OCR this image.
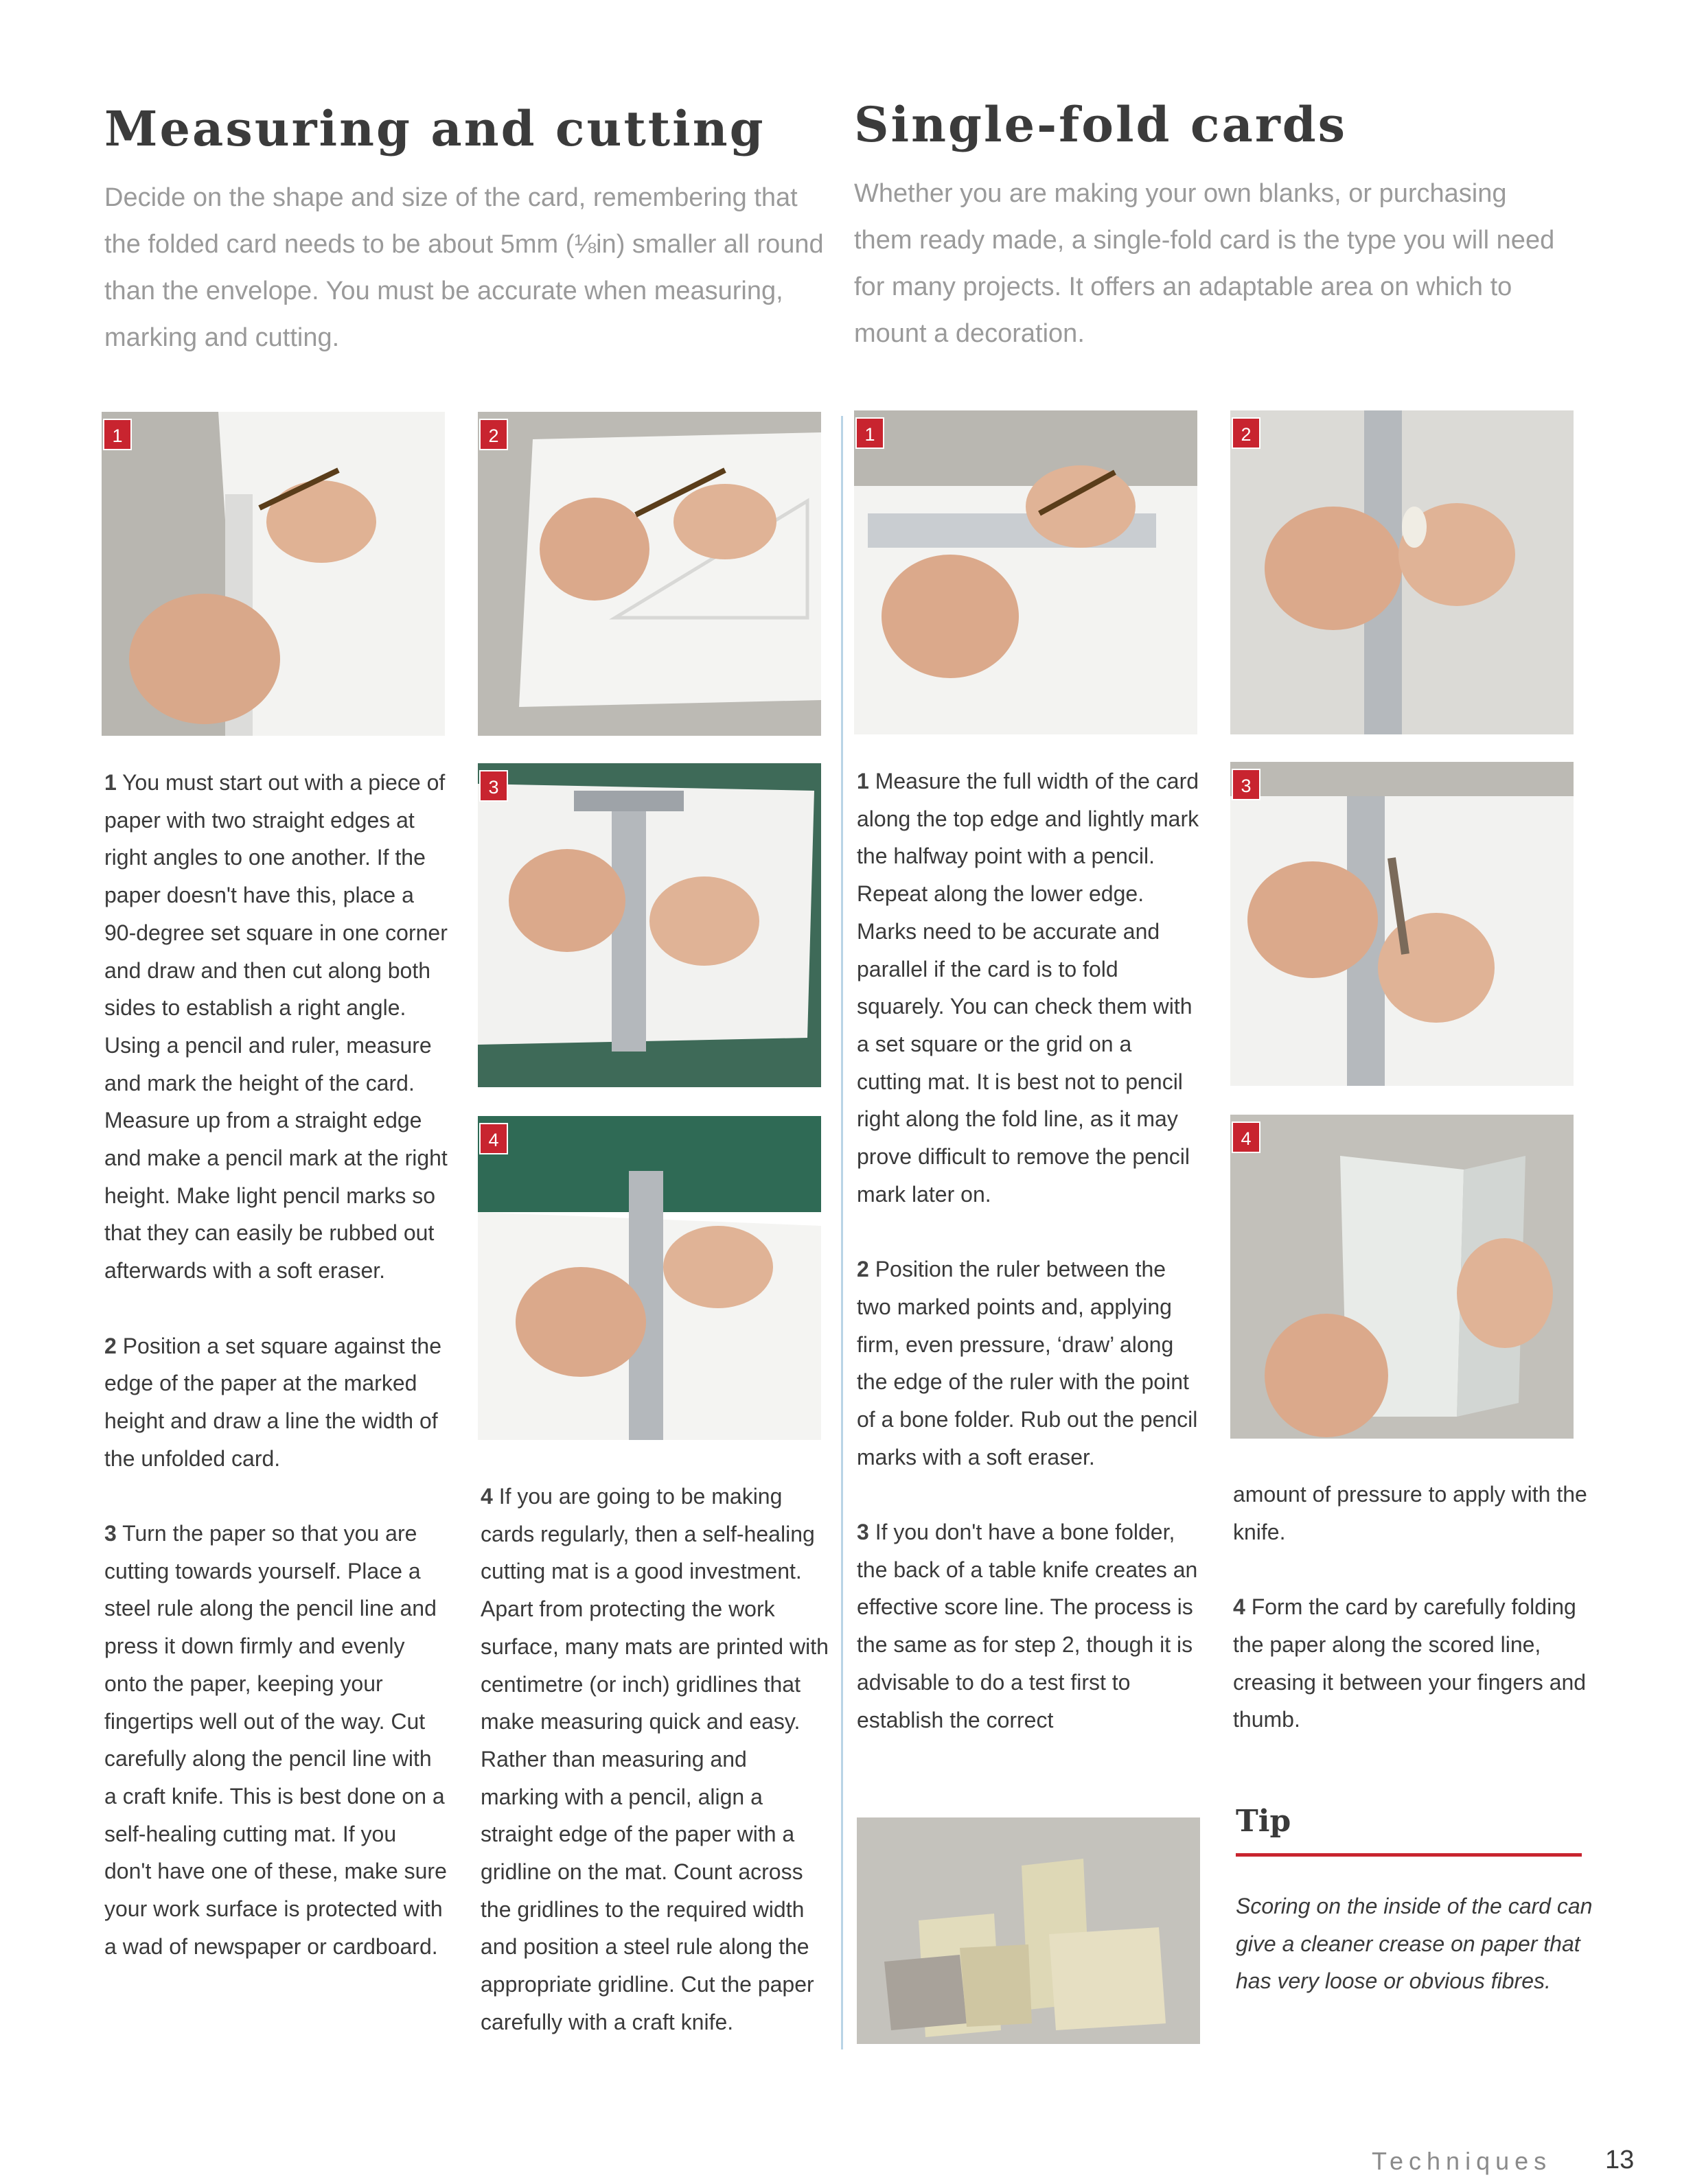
Measuring and cutting Single-fold cards

Decide on the shape and size of the card, remembering that the folded card needs to be about 5mm (⅛in) smaller all round than the envelope. You must be accurate when measuring, marking and cutting.

Whether you are making your own blanks, or purchasing them ready made, a single-fold card is the type you will need for many projects. It offers an adaptable area on which to mount a decoration.

1	2
3
4
1	2
3
4

1 You must start out with a piece of paper with two straight edges at right angles to one another. If the paper doesn't have this, place a 90-degree set square in one corner and draw and then cut along both sides to establish a right angle. Using a pencil and ruler, measure and mark the height of the card. Measure up from a straight edge and make a pencil mark at the right height. Make light pencil marks so that they can easily be rubbed out afterwards with a soft eraser.

2 Position a set square against the edge of the paper at the marked height and draw a line the width of the unfolded card.

3 Turn the paper so that you are cutting towards yourself. Place a steel rule along the pencil line and press it down firmly and evenly onto the paper, keeping your fingertips well out of the way. Cut carefully along the pencil line with a craft knife. This is best done on a self-healing cutting mat. If you don't have one of these, make sure your work surface is protected with a wad of newspaper or cardboard.

4 If you are going to be making cards regularly, then a self-healing cutting mat is a good investment. Apart from protecting the work surface, many mats are printed with centimetre (or inch) gridlines that make measuring quick and easy. Rather than measuring and marking with a pencil, align a straight edge of the paper with a gridline on the mat. Count across the gridlines to the required width and position a steel rule along the appropriate gridline. Cut the paper carefully with a craft knife.

1 Measure the full width of the card along the top edge and lightly mark the halfway point with a pencil. Repeat along the lower edge. Marks need to be accurate and parallel if the card is to fold squarely. You can check them with a set square or the grid on a cutting mat. It is best not to pencil right along the fold line, as it may prove difficult to remove the pencil mark later on.

2 Position the ruler between the two marked points and, applying firm, even pressure, ‘draw’ along the edge of the ruler with the point of a bone folder. Rub out the pencil marks with a soft eraser.

3 If you don't have a bone folder, the back of a table knife creates an effective score line. The process is the same as for step 2, though it is advisable to do a test first to establish the correct

amount of pressure to apply with the knife.

4 Form the card by carefully folding the paper along the scored line, creasing it between your fingers and thumb.

Tip

Scoring on the inside of the card can give a cleaner crease on paper that has very loose or obvious fibres.

Techniques 13
